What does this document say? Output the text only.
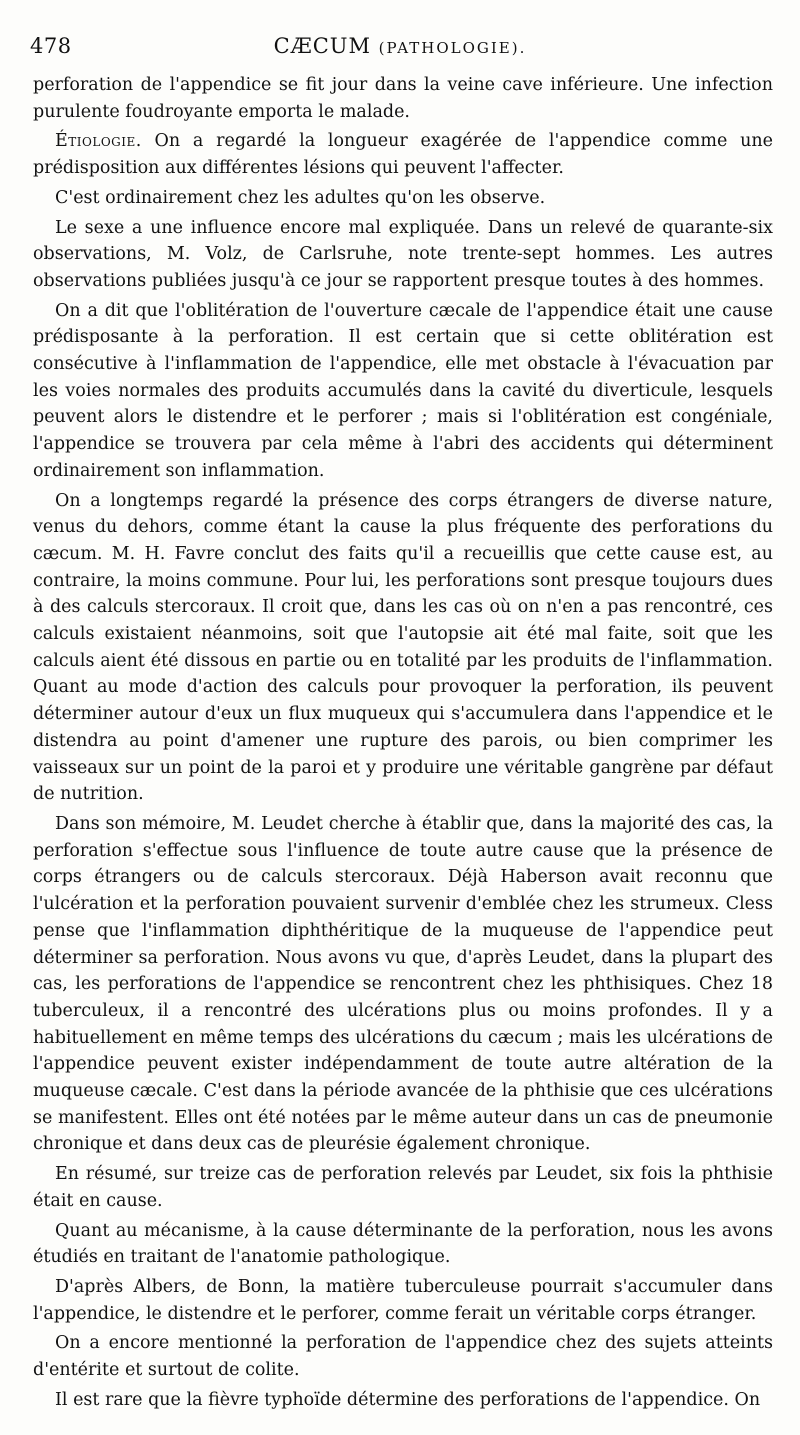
478	CÆCUM (PATHOLOGIE).

perforation de l'appendice se fit jour dans la veine cave inférieure. Une infection purulente foudroyante emporta le malade.

Étiologie. On a regardé la longueur exagérée de l'appendice comme une prédisposition aux différentes lésions qui peuvent l'affecter.

C'est ordinairement chez les adultes qu'on les observe.

Le sexe a une influence encore mal expliquée. Dans un relevé de quarante-six observations, M. Volz, de Carlsruhe, note trente-sept hommes. Les autres observations publiées jusqu'à ce jour se rapportent presque toutes à des hommes.

On a dit que l'oblitération de l'ouverture cæcale de l'appendice était une cause prédisposante à la perforation. Il est certain que si cette oblitération est consécutive à l'inflammation de l'appendice, elle met obstacle à l'évacuation par les voies normales des produits accumulés dans la cavité du diverticule, lesquels peuvent alors le distendre et le perforer ; mais si l'oblitération est congéniale, l'appendice se trouvera par cela même à l'abri des accidents qui déterminent ordinairement son inflammation.

On a longtemps regardé la présence des corps étrangers de diverse nature, venus du dehors, comme étant la cause la plus fréquente des perforations du cæcum. M. H. Favre conclut des faits qu'il a recueillis que cette cause est, au contraire, la moins commune. Pour lui, les perforations sont presque toujours dues à des calculs stercoraux. Il croit que, dans les cas où on n'en a pas rencontré, ces calculs existaient néanmoins, soit que l'autopsie ait été mal faite, soit que les calculs aient été dissous en partie ou en totalité par les produits de l'inflammation. Quant au mode d'action des calculs pour provoquer la perforation, ils peuvent déterminer autour d'eux un flux muqueux qui s'accumulera dans l'appendice et le distendra au point d'amener une rupture des parois, ou bien comprimer les vaisseaux sur un point de la paroi et y produire une véritable gangrène par défaut de nutrition.

Dans son mémoire, M. Leudet cherche à établir que, dans la majorité des cas, la perforation s'effectue sous l'influence de toute autre cause que la présence de corps étrangers ou de calculs stercoraux. Déjà Haberson avait reconnu que l'ulcération et la perforation pouvaient survenir d'emblée chez les strumeux. Cless pense que l'inflammation diphthéritique de la muqueuse de l'appendice peut déterminer sa perforation. Nous avons vu que, d'après Leudet, dans la plupart des cas, les perforations de l'appendice se rencontrent chez les phthisiques. Chez 18 tuberculeux, il a rencontré des ulcérations plus ou moins profondes. Il y a habituellement en même temps des ulcérations du cæcum ; mais les ulcérations de l'appendice peuvent exister indépendamment de toute autre altération de la muqueuse cæcale. C'est dans la période avancée de la phthisie que ces ulcérations se manifestent. Elles ont été notées par le même auteur dans un cas de pneumonie chronique et dans deux cas de pleurésie également chronique.

En résumé, sur treize cas de perforation relevés par Leudet, six fois la phthisie était en cause.

Quant au mécanisme, à la cause déterminante de la perforation, nous les avons étudiés en traitant de l'anatomie pathologique.

D'après Albers, de Bonn, la matière tuberculeuse pourrait s'accumuler dans l'appendice, le distendre et le perforer, comme ferait un véritable corps étranger.

On a encore mentionné la perforation de l'appendice chez des sujets atteints d'entérite et surtout de colite.

Il est rare que la fièvre typhoïde détermine des perforations de l'appendice. On
